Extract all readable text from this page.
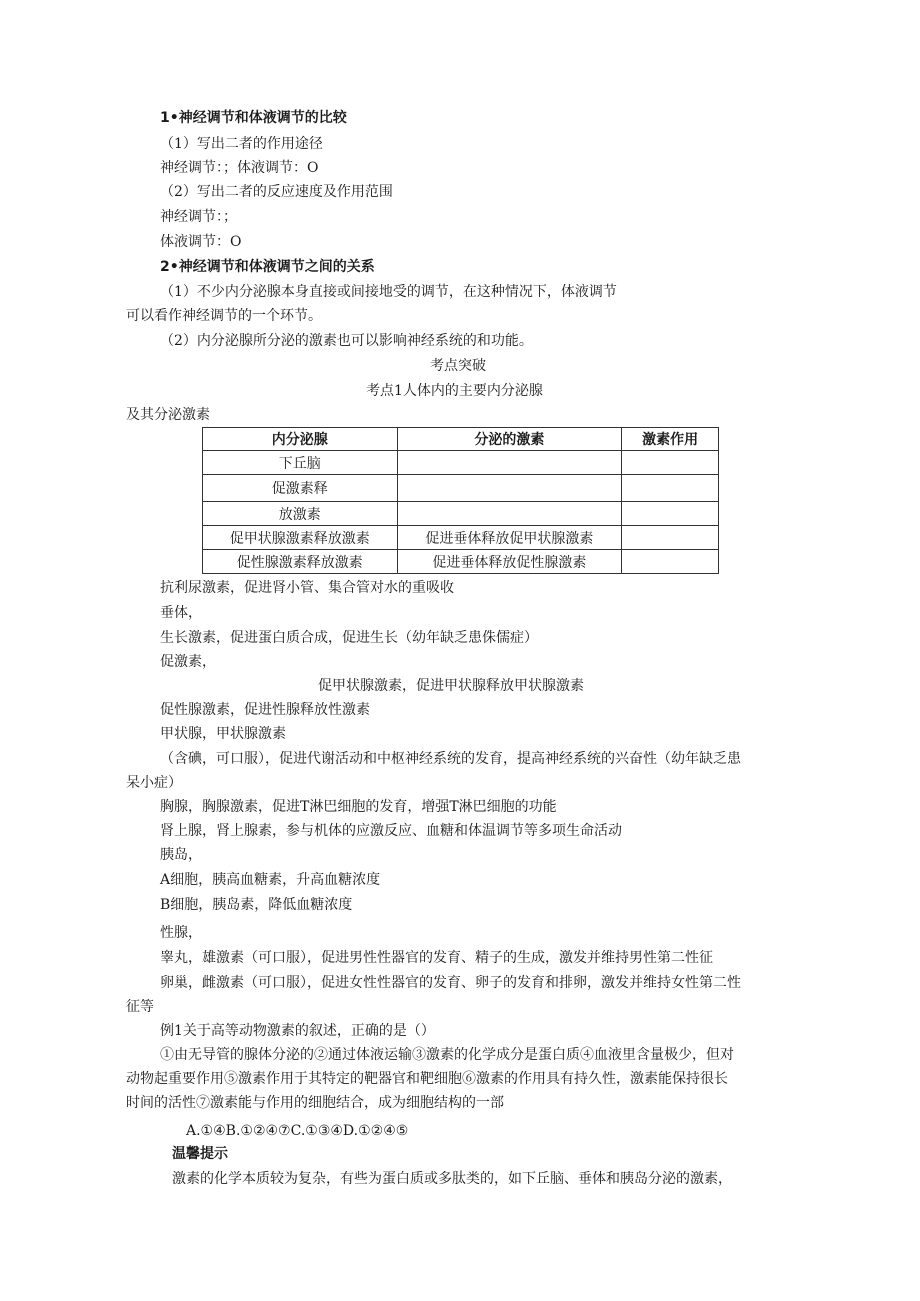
1•神经调节和体液调节的比较
（1）写出二者的作用途径
神经调节：；体液调节：O
（2）写出二者的反应速度及作用范围
神经调节：；
体液调节：O
2•神经调节和体液调节之间的关系
（1）不少内分泌腺本身直接或间接地受的调节，在这种情况下，体液调节
可以看作神经调节的一个环节。
（2）内分泌腺所分泌的激素也可以影响神经系统的和功能。
考点突破
考点1人体内的主要内分泌腺
及其分泌激素
内分泌腺	分泌的激素	激素作用
下丘脑		
促激素释		
放激素		
促甲状腺激素释放激素	促进垂体释放促甲状腺激素	
促性腺激素释放激素	促进垂体释放促性腺激素	
抗利尿激素，促进肾小管、集合管对水的重吸收
垂体，
生长激素，促进蛋白质合成，促进生长（幼年缺乏患侏儒症）
促激素，
促甲状腺激素，促进甲状腺释放甲状腺激素
促性腺激素，促进性腺释放性激素
甲状腺，甲状腺激素
（含碘，可口服），促进代谢活动和中枢神经系统的发育，提高神经系统的兴奋性（幼年缺乏患
呆小症）
胸腺，胸腺激素，促进T淋巴细胞的发育，增强T淋巴细胞的功能
肾上腺，肾上腺素，参与机体的应激反应、血糖和体温调节等多项生命活动
胰岛，
A细胞，胰高血糖素，升高血糖浓度
B细胞，胰岛素，降低血糖浓度
性腺，
睾丸，雄激素（可口服），促进男性性器官的发育、精子的生成，激发并维持男性第二性征
卵巢，雌激素（可口服），促进女性性器官的发育、卵子的发育和排卵，激发并维持女性第二性
征等
例1关于高等动物激素的叙述，正确的是（）
①由无导管的腺体分泌的②通过体液运输③激素的化学成分是蛋白质④血液里含量极少，但对
动物起重要作用⑤激素作用于其特定的靶器官和靶细胞⑥激素的作用具有持久性，激素能保持很长
时间的活性⑦激素能与作用的细胞结合，成为细胞结构的一部
A.①④B.①②④⑦C.①③④D.①②④⑤
温馨提示
激素的化学本质较为复杂，有些为蛋白质或多肽类的，如下丘脑、垂体和胰岛分泌的激素，
